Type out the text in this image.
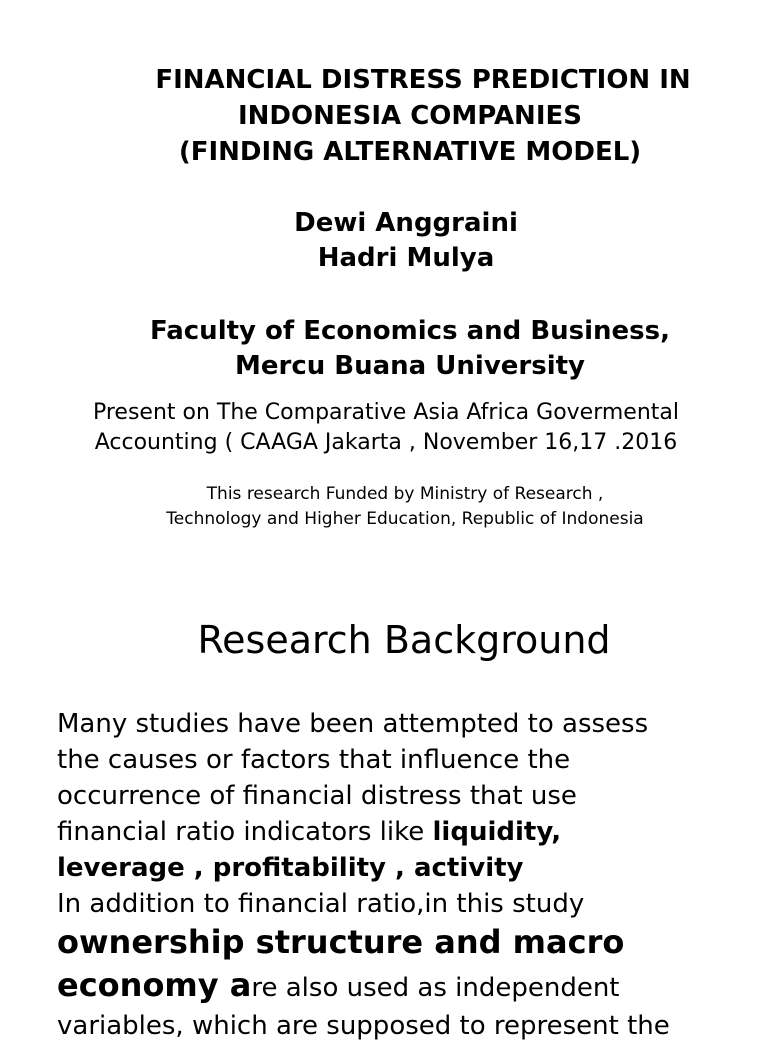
FINANCIAL DISTRESS PREDICTION IN
INDONESIA COMPANIES
(FINDING ALTERNATIVE MODEL)
Dewi Anggraini
Hadri Mulya
Faculty of Economics and Business,
Mercu Buana University
Present on The Comparative Asia Africa Govermental
Accounting ( CAAGA Jakarta , November 16,17 .2016
This research Funded by Ministry of Research ,
Technology and Higher Education, Republic of Indonesia
Research Background
Many studies have been attempted to assess
the causes or factors that influence the
occurrence of financial distress that use
financial ratio indicators like liquidity,
leverage , profitability , activity
In addition to financial ratio,in this study
ownership structure and macro
economy are also used as independent
variables, which are supposed to represent the
